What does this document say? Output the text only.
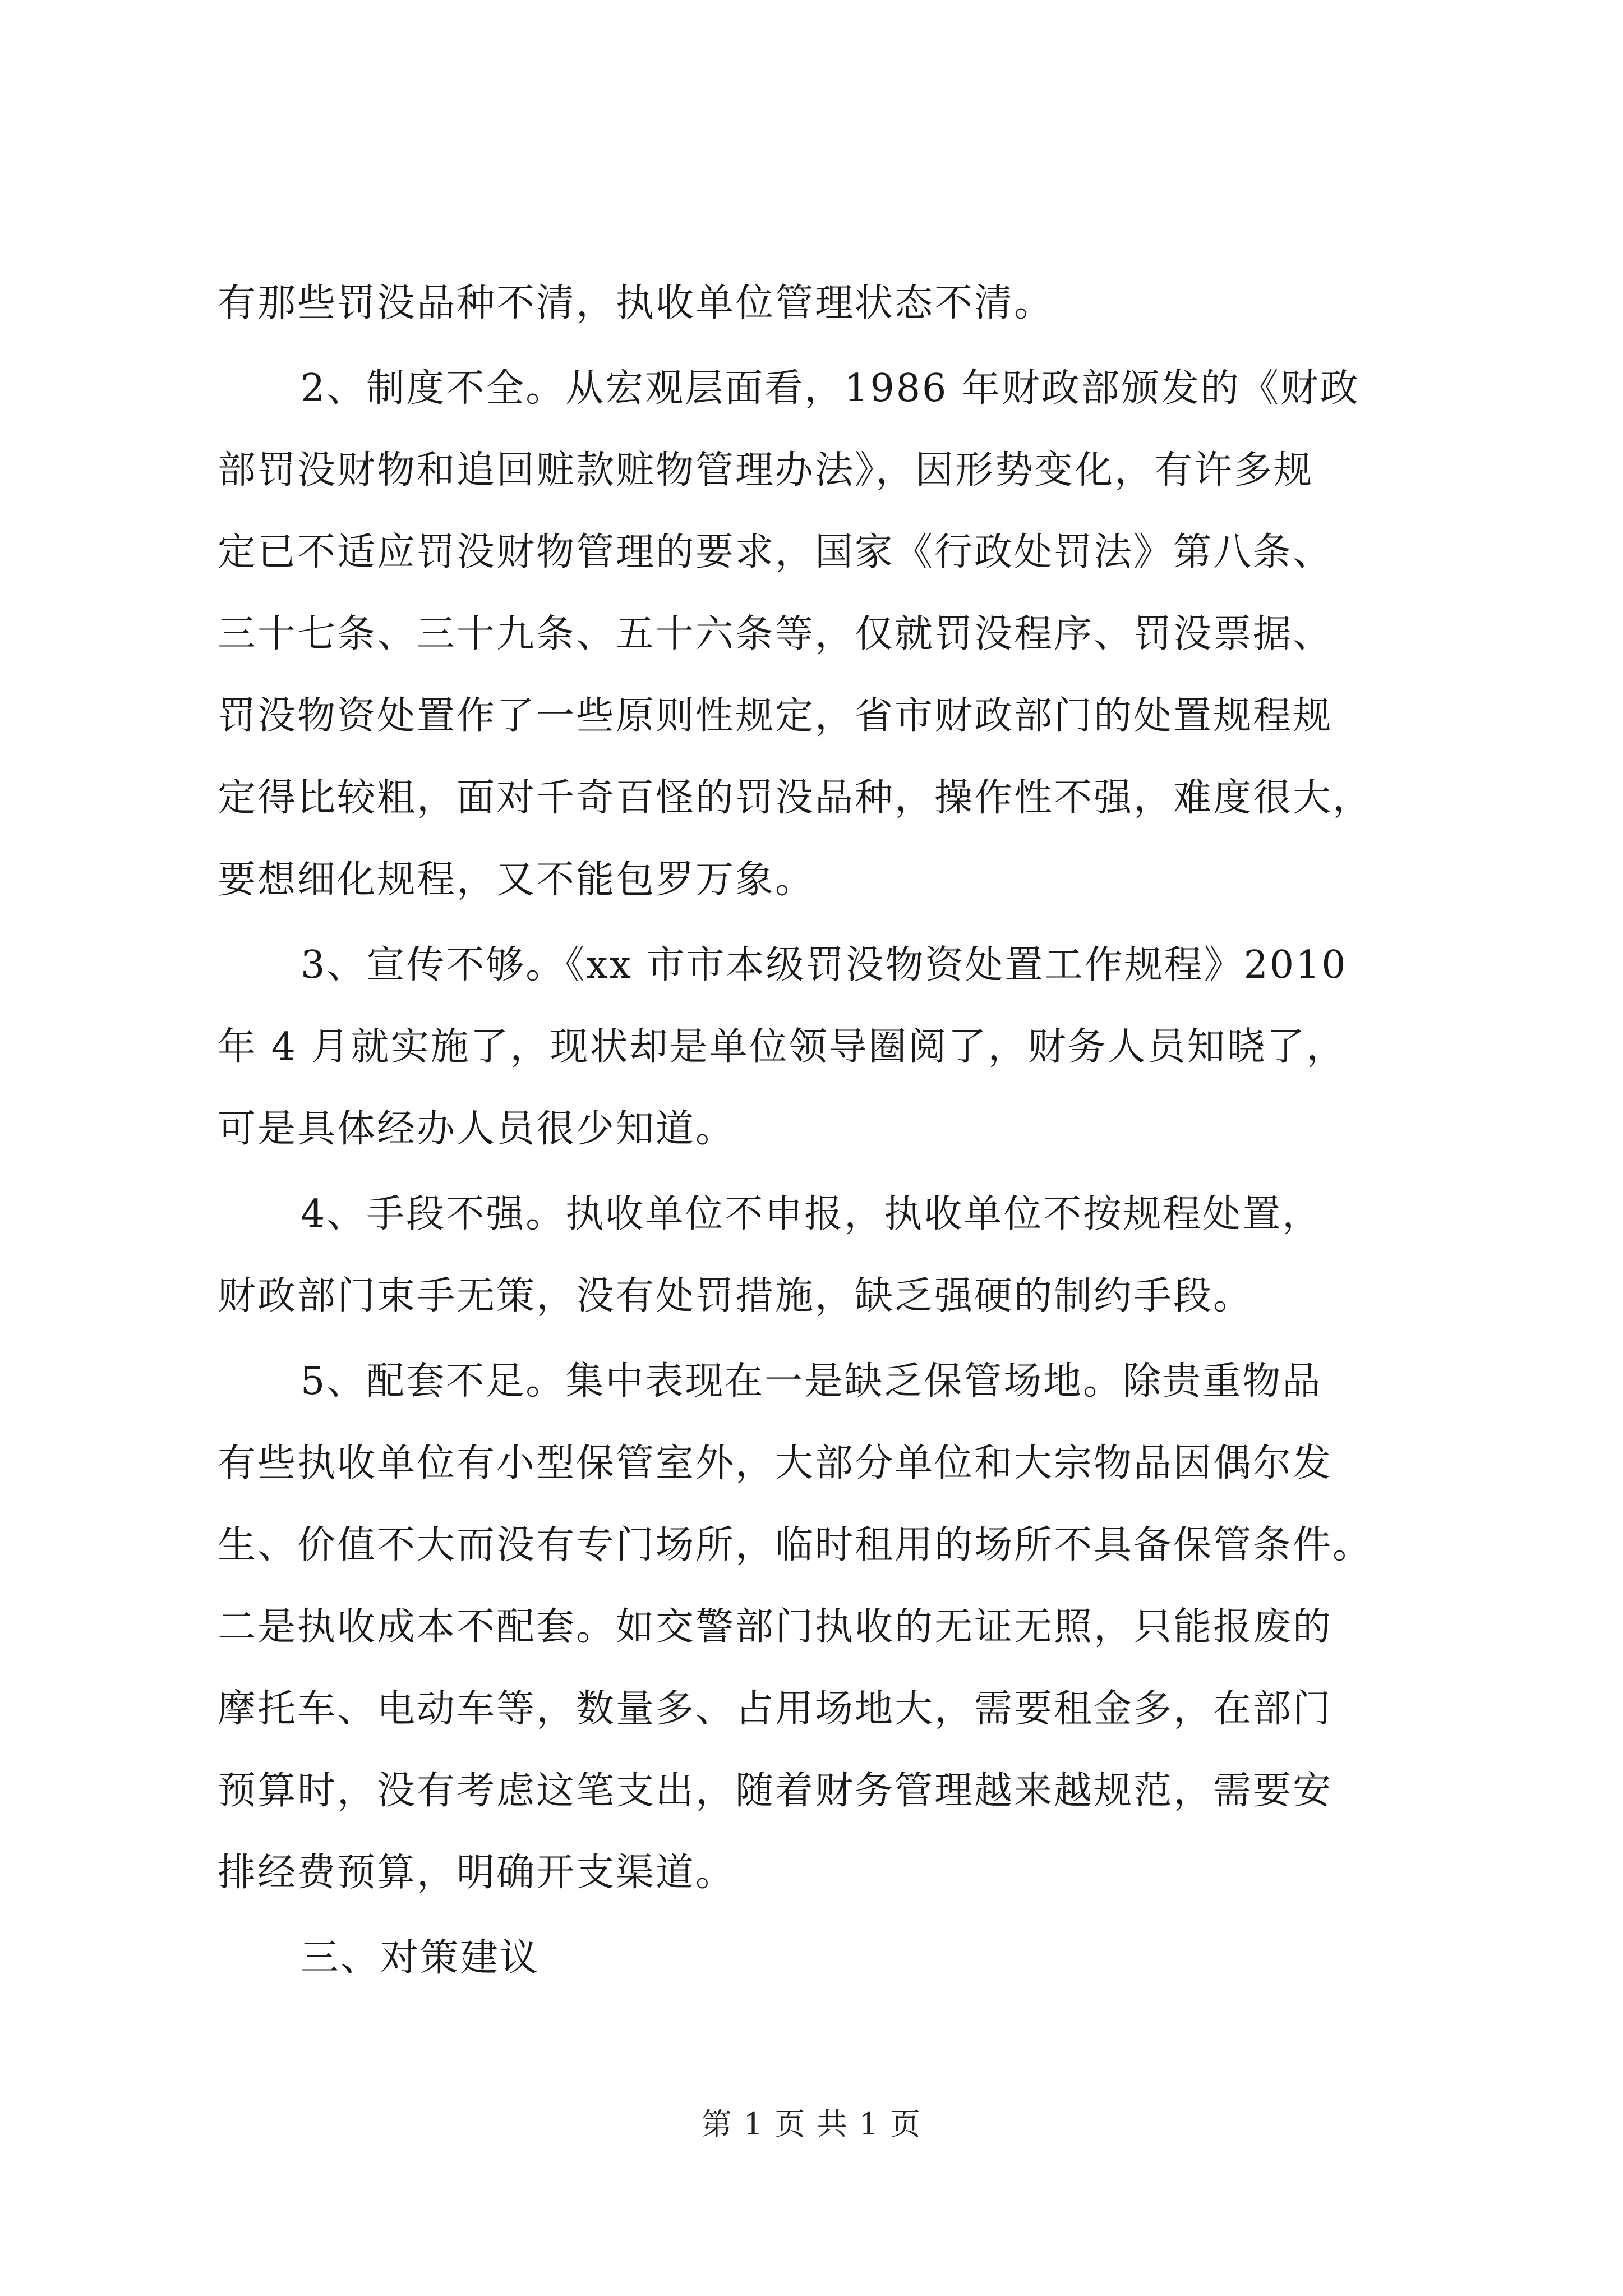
有那些罚没品种不清，执收单位管理状态不清。
2、制度不全。从宏观层面看，1986 年财政部颁发的《财政
部罚没财物和追回赃款赃物管理办法》，因形势变化，有许多规
定已不适应罚没财物管理的要求，国家《行政处罚法》第八条、
三十七条、三十九条、五十六条等，仅就罚没程序、罚没票据、
罚没物资处置作了一些原则性规定，省市财政部门的处置规程规
定得比较粗，面对千奇百怪的罚没品种，操作性不强，难度很大，
要想细化规程，又不能包罗万象。
3、宣传不够。《xx 市市本级罚没物资处置工作规程》2010
年 4 月就实施了，现状却是单位领导圈阅了，财务人员知晓了，
可是具体经办人员很少知道。
4、手段不强。执收单位不申报，执收单位不按规程处置，
财政部门束手无策，没有处罚措施，缺乏强硬的制约手段。
5、配套不足。集中表现在一是缺乏保管场地。除贵重物品
有些执收单位有小型保管室外，大部分单位和大宗物品因偶尔发
生、价值不大而没有专门场所，临时租用的场所不具备保管条件。
二是执收成本不配套。如交警部门执收的无证无照，只能报废的
摩托车、电动车等，数量多、占用场地大，需要租金多，在部门
预算时，没有考虑这笔支出，随着财务管理越来越规范，需要安
排经费预算，明确开支渠道。
三、对策建议
第 1 页 共 1 页
